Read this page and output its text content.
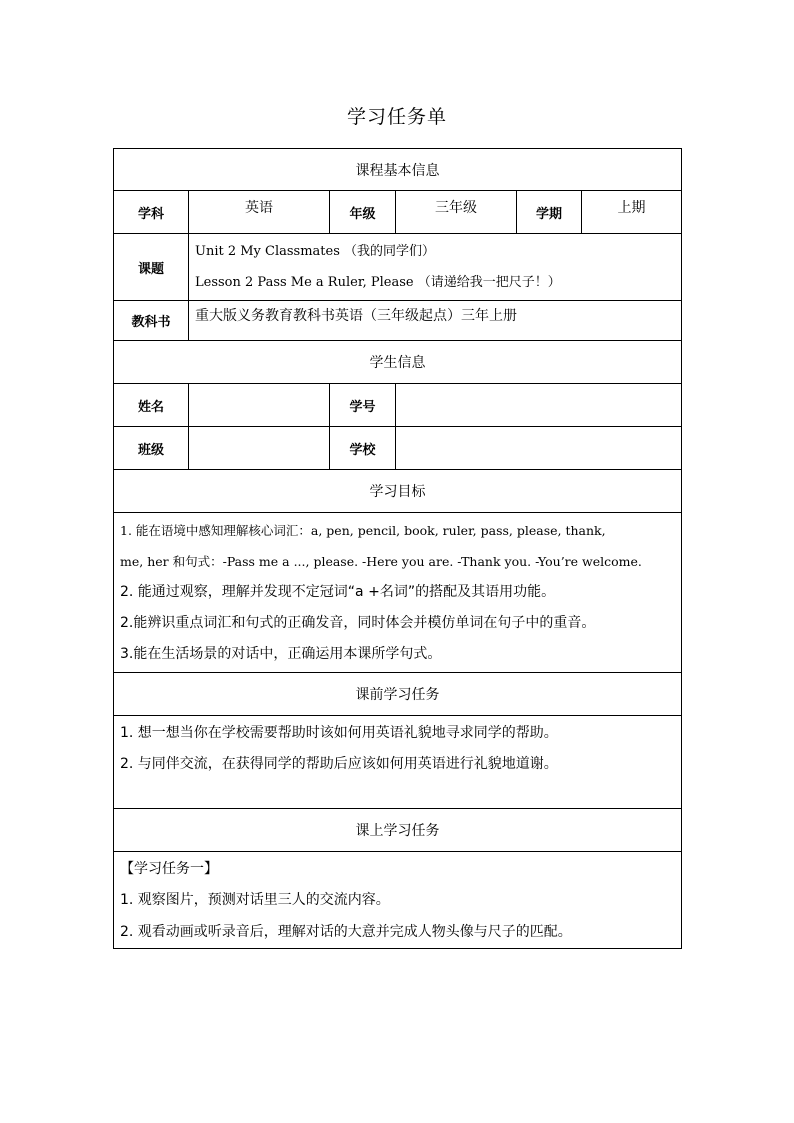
学习任务单
课程基本信息					
学科	英语	年级	三年级	学期	上期
课题	Unit 2 My Classmates （我的同学们）
Lesson 2 Pass Me a Ruler, Please （请递给我一把尺子！）				

教科书	重大版义务教育教科书英语（三年级起点）三年上册				
学生信息					
姓名		学号			
班级		学校			
学习目标					

1. 能在语境中感知理解核心词汇：a, pen, pencil, book, ruler, pass, please, thank,
me, her 和句式：-Pass me a ..., please. -Here you are. -Thank you. -You’re welcome.
2. 能通过观察，理解并发现不定冠词“a +名词”的搭配及其语用功能。
2.能辨识重点词汇和句式的正确发音，同时体会并模仿单词在句子中的重音。
3.能在生活场景的对话中，正确运用本课所学句式。					

课前学习任务					

1. 想一想当你在学校需要帮助时该如何用英语礼貌地寻求同学的帮助。
2. 与同伴交流，在获得同学的帮助后应该如何用英语进行礼貌地道谢。					

课上学习任务					

【学习任务一】
1. 观察图片，预测对话里三人的交流内容。
2. 观看动画或听录音后，理解对话的大意并完成人物头像与尺子的匹配。					
